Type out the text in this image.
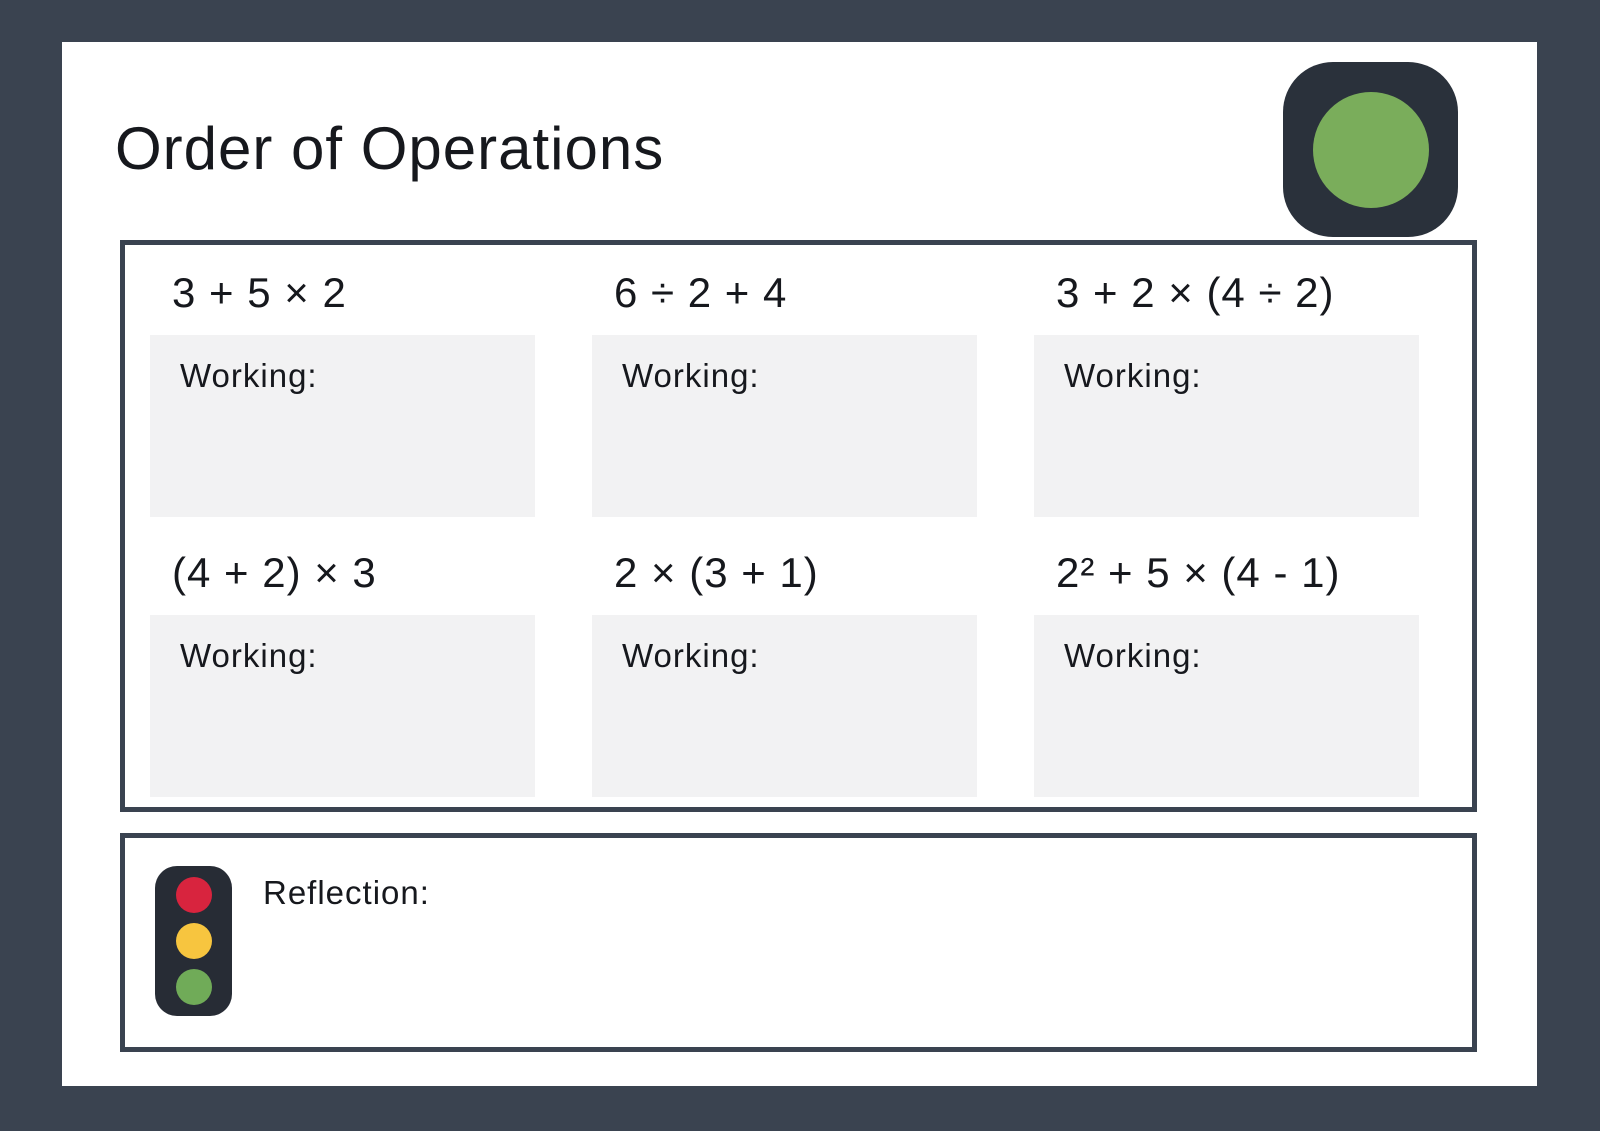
Order of Operations
3 + 5 × 2
Working:
6 ÷ 2 + 4
Working:
3 + 2 × (4 ÷ 2)
Working:
(4 + 2) × 3
Working:
2 × (3 + 1)
Working:
2² + 5 × (4 - 1)
Working:
Reflection:
